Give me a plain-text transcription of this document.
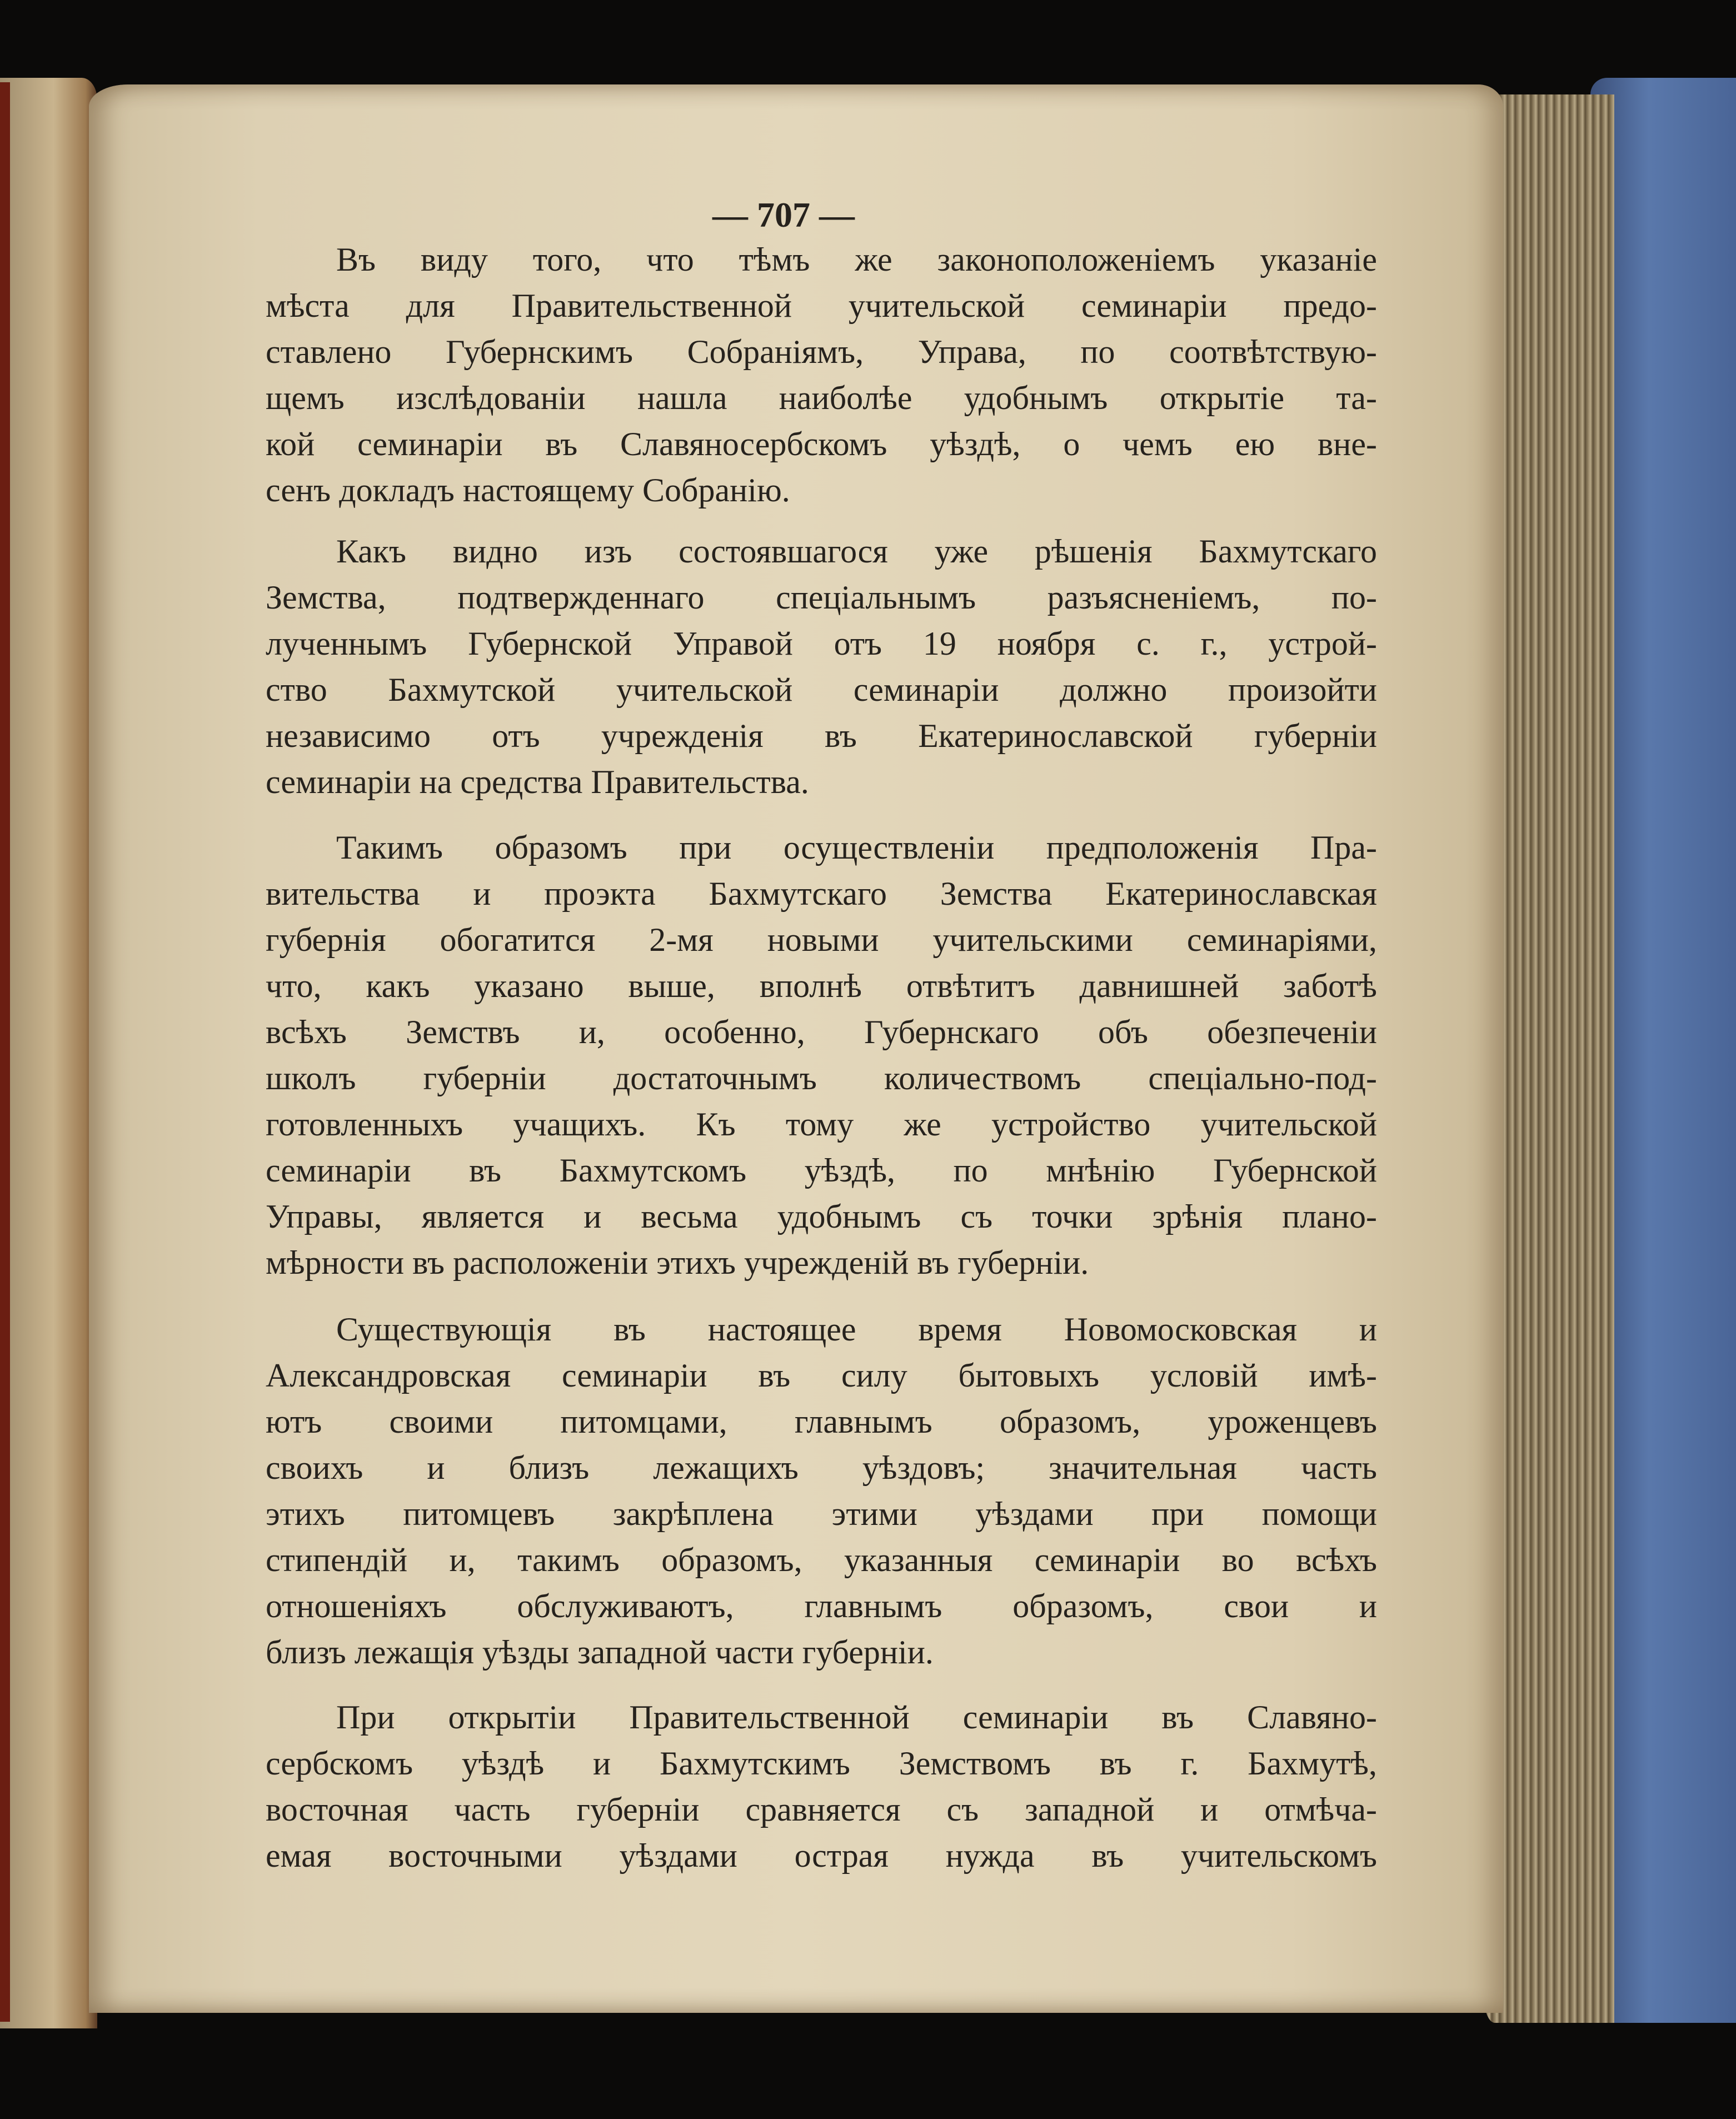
— 707 —
Въ виду того, что тѣмъ же законоположеніемъ указаніе
мѣста для Правительственной учительской семинаріи предо-
ставлено Губернскимъ Собраніямъ, Управа, по соотвѣтствую-
щемъ изслѣдованіи нашла наиболѣе удобнымъ открытіе та-
кой семинаріи въ Славяносербскомъ уѣздѣ, о чемъ ею вне-
сенъ докладъ настоящему Собранію.
Какъ видно изъ состоявшагося уже рѣшенія Бахмутскаго
Земства, подтвержденнаго спеціальнымъ разъясненіемъ, по-
лученнымъ Губернской Управой отъ 19 ноября с. г., устрой-
ство Бахмутской учительской семинаріи должно произойти
независимо отъ учрежденія въ Екатеринославской губерніи
семинаріи на средства Правительства.
Такимъ образомъ при осуществленіи предположенія Пра-
вительства и проэкта Бахмутскаго Земства Екатеринославская
губернія обогатится 2-мя новыми учительскими семинаріями,
что, какъ указано выше, вполнѣ отвѣтитъ давнишней заботѣ
всѣхъ Земствъ и, особенно, Губернскаго объ обезпеченіи
школъ губерніи достаточнымъ количествомъ спеціально-под-
готовленныхъ учащихъ. Къ тому же устройство учительской
семинаріи въ Бахмутскомъ уѣздѣ, по мнѣнію Губернской
Управы, является и весьма удобнымъ съ точки зрѣнія плано-
мѣрности въ расположеніи этихъ учрежденій въ губерніи.
Существующія въ настоящее время Новомосковская и
Александровская семинаріи въ силу бытовыхъ условій имѣ-
ютъ своими питомцами, главнымъ образомъ, уроженцевъ
своихъ и близъ лежащихъ уѣздовъ; значительная часть
этихъ питомцевъ закрѣплена этими уѣздами при помощи
стипендій и, такимъ образомъ, указанныя семинаріи во всѣхъ
отношеніяхъ обслуживаютъ, главнымъ образомъ, свои и
близъ лежащія уѣзды западной части губерніи.
При открытіи Правительственной семинаріи въ Славяно-
сербскомъ уѣздѣ и Бахмутскимъ Земствомъ въ г. Бахмутѣ,
восточная часть губерніи сравняется съ западной и отмѣча-
емая восточными уѣздами острая нужда въ учительскомъ
